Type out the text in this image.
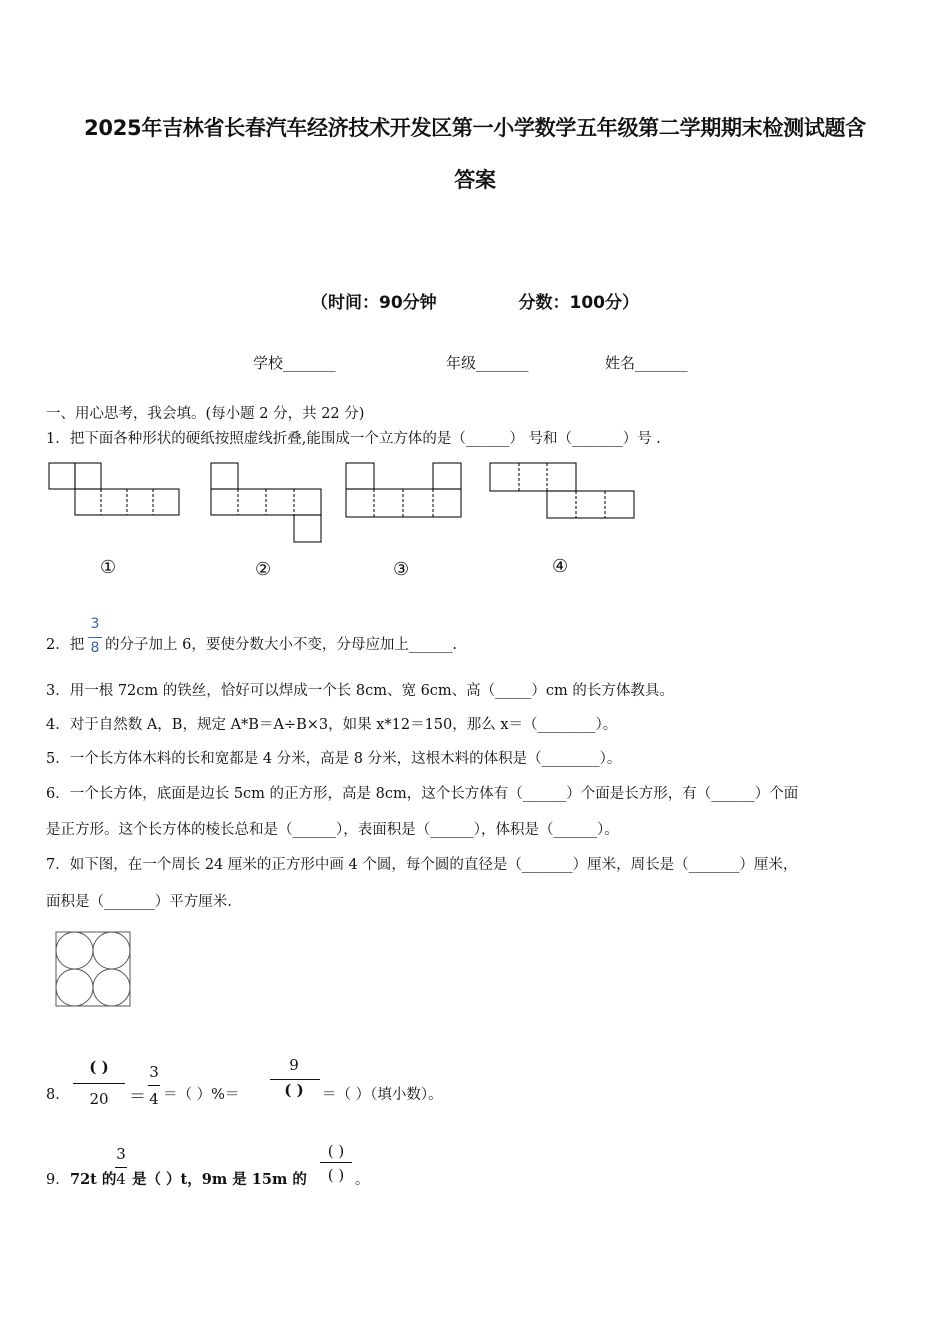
2025年吉林省长春汽车经济技术开发区第一小学数学五年级第二学期期末检测试题含
答案
（时间：90分钟	分数：100分）
学校_______	年级_______	姓名_______
一、用心思考，我会填。(每小题 2 分，共 22 分)
1．把下面各种形状的硬纸按照虚线折叠,能围成一个立方体的是（______） 号和（_______）号 .
①	②	③	④
2．把
3
8 的分子加上 6，要使分数大小不变，分母应加上______.
3．用一根 72cm 的铁丝，恰好可以焊成一个长 8cm、宽 6cm、高（_____）cm 的长方体教具。
4．对于自然数 A，B，规定 A*B＝A÷B×3，如果 x*12＝150，那么 x＝（________）。
5．一个长方体木料的长和宽都是 4 分米，高是 8 分米，这根木料的体积是（________）。
6．一个长方体，底面是边长 5cm 的正方形，高是 8cm，这个长方体有（______）个面是长方形，有（______）个面
是正方形。这个长方体的棱长总和是（______），表面积是（______），体积是（______）。
7．如下图，在一个周长 24 厘米的正方形中画 4 个圆，每个圆的直径是（_______）厘米，周长是（_______）厘米，
面积是（_______）平方厘米.
8．
( )
20	＝
3
4 ＝（ ）%＝
9
( )	＝（ ）（填小数）。
9． 72t 的
3
4 是（ ）t，9m 是 15m 的
( )
( ) 。
